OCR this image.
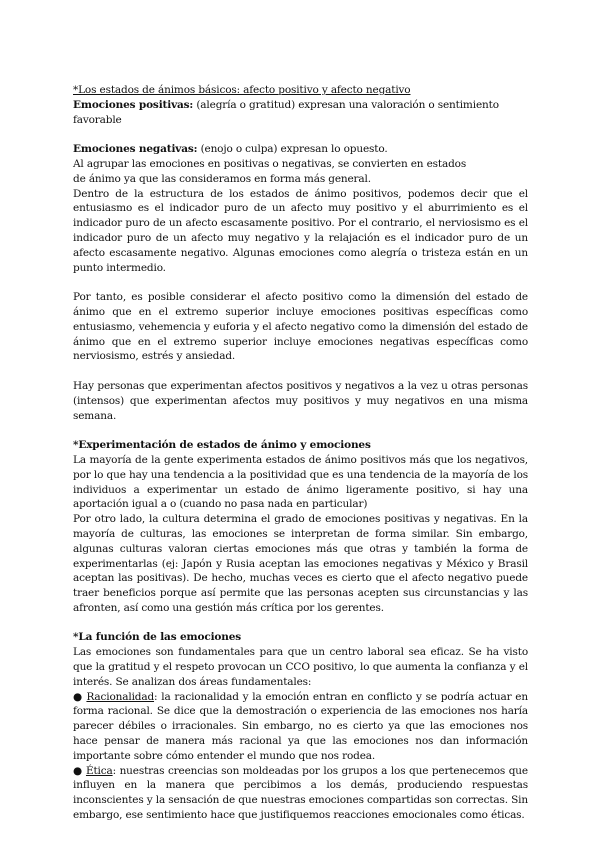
*Los estados de ánimos básicos: afecto positivo y afecto negativo

Emociones positivas: (alegría o gratitud) expresan una valoración o sentimiento favorable

Emociones negativas: (enojo o culpa) expresan lo opuesto.

Al agrupar las emociones en positivas o negativas, se convierten en estados

de ánimo ya que las consideramos en forma más general.

Dentro de la estructura de los estados de ánimo positivos, podemos decir que el entusiasmo es el indicador puro de un afecto muy positivo y el aburrimiento es el indicador puro de un afecto escasamente positivo. Por el contrario, el nerviosismo es el indicador puro de un afecto muy negativo y la relajación es el indicador puro de un afecto escasamente negativo. Algunas emociones como alegría o tristeza están en un punto intermedio.

Por tanto, es posible considerar el afecto positivo como la dimensión del estado de ánimo que en el extremo superior incluye emociones positivas específicas como entusiasmo, vehemencia y euforia y el afecto negativo como la dimensión del estado de ánimo que en el extremo superior incluye emociones negativas específicas como nerviosismo, estrés y ansiedad.

Hay personas que experimentan afectos positivos y negativos a la vez u otras personas (intensos) que experimentan afectos muy positivos y muy negativos en una misma semana.

*Experimentación de estados de ánimo y emociones

La mayoría de la gente experimenta estados de ánimo positivos más que los negativos, por lo que hay una tendencia a la positividad que es una tendencia de la mayoría de los individuos a experimentar un estado de ánimo ligeramente positivo, si hay una aportación igual a o (cuando no pasa nada en particular)

Por otro lado, la cultura determina el grado de emociones positivas y negativas. En la mayoría de culturas, las emociones se interpretan de forma similar. Sin embargo, algunas culturas valoran ciertas emociones más que otras y también la forma de experimentarlas (ej: Japón y Rusia aceptan las emociones negativas y México y Brasil aceptan las positivas). De hecho, muchas veces es cierto que el afecto negativo puede traer beneficios porque así permite que las personas acepten sus circunstancias y las afronten, así como una gestión más crítica por los gerentes.

*La función de las emociones

Las emociones son fundamentales para que un centro laboral sea eficaz. Se ha visto que la gratitud y el respeto provocan un CCO positivo, lo que aumenta la confianza y el interés. Se analizan dos áreas fundamentales:

● Racionalidad: la racionalidad y la emoción entran en conflicto y se podría actuar en forma racional. Se dice que la demostración o experiencia de las emociones nos haría parecer débiles o irracionales. Sin embargo, no es cierto ya que las emociones nos hace pensar de manera más racional ya que las emociones nos dan información importante sobre cómo entender el mundo que nos rodea.

● Ética: nuestras creencias son moldeadas por los grupos a los que pertenecemos que influyen en la manera que percibimos a los demás, produciendo respuestas inconscientes y la sensación de que nuestras emociones compartidas son correctas. Sin embargo, ese sentimiento hace que justifiquemos reacciones emocionales como éticas.
